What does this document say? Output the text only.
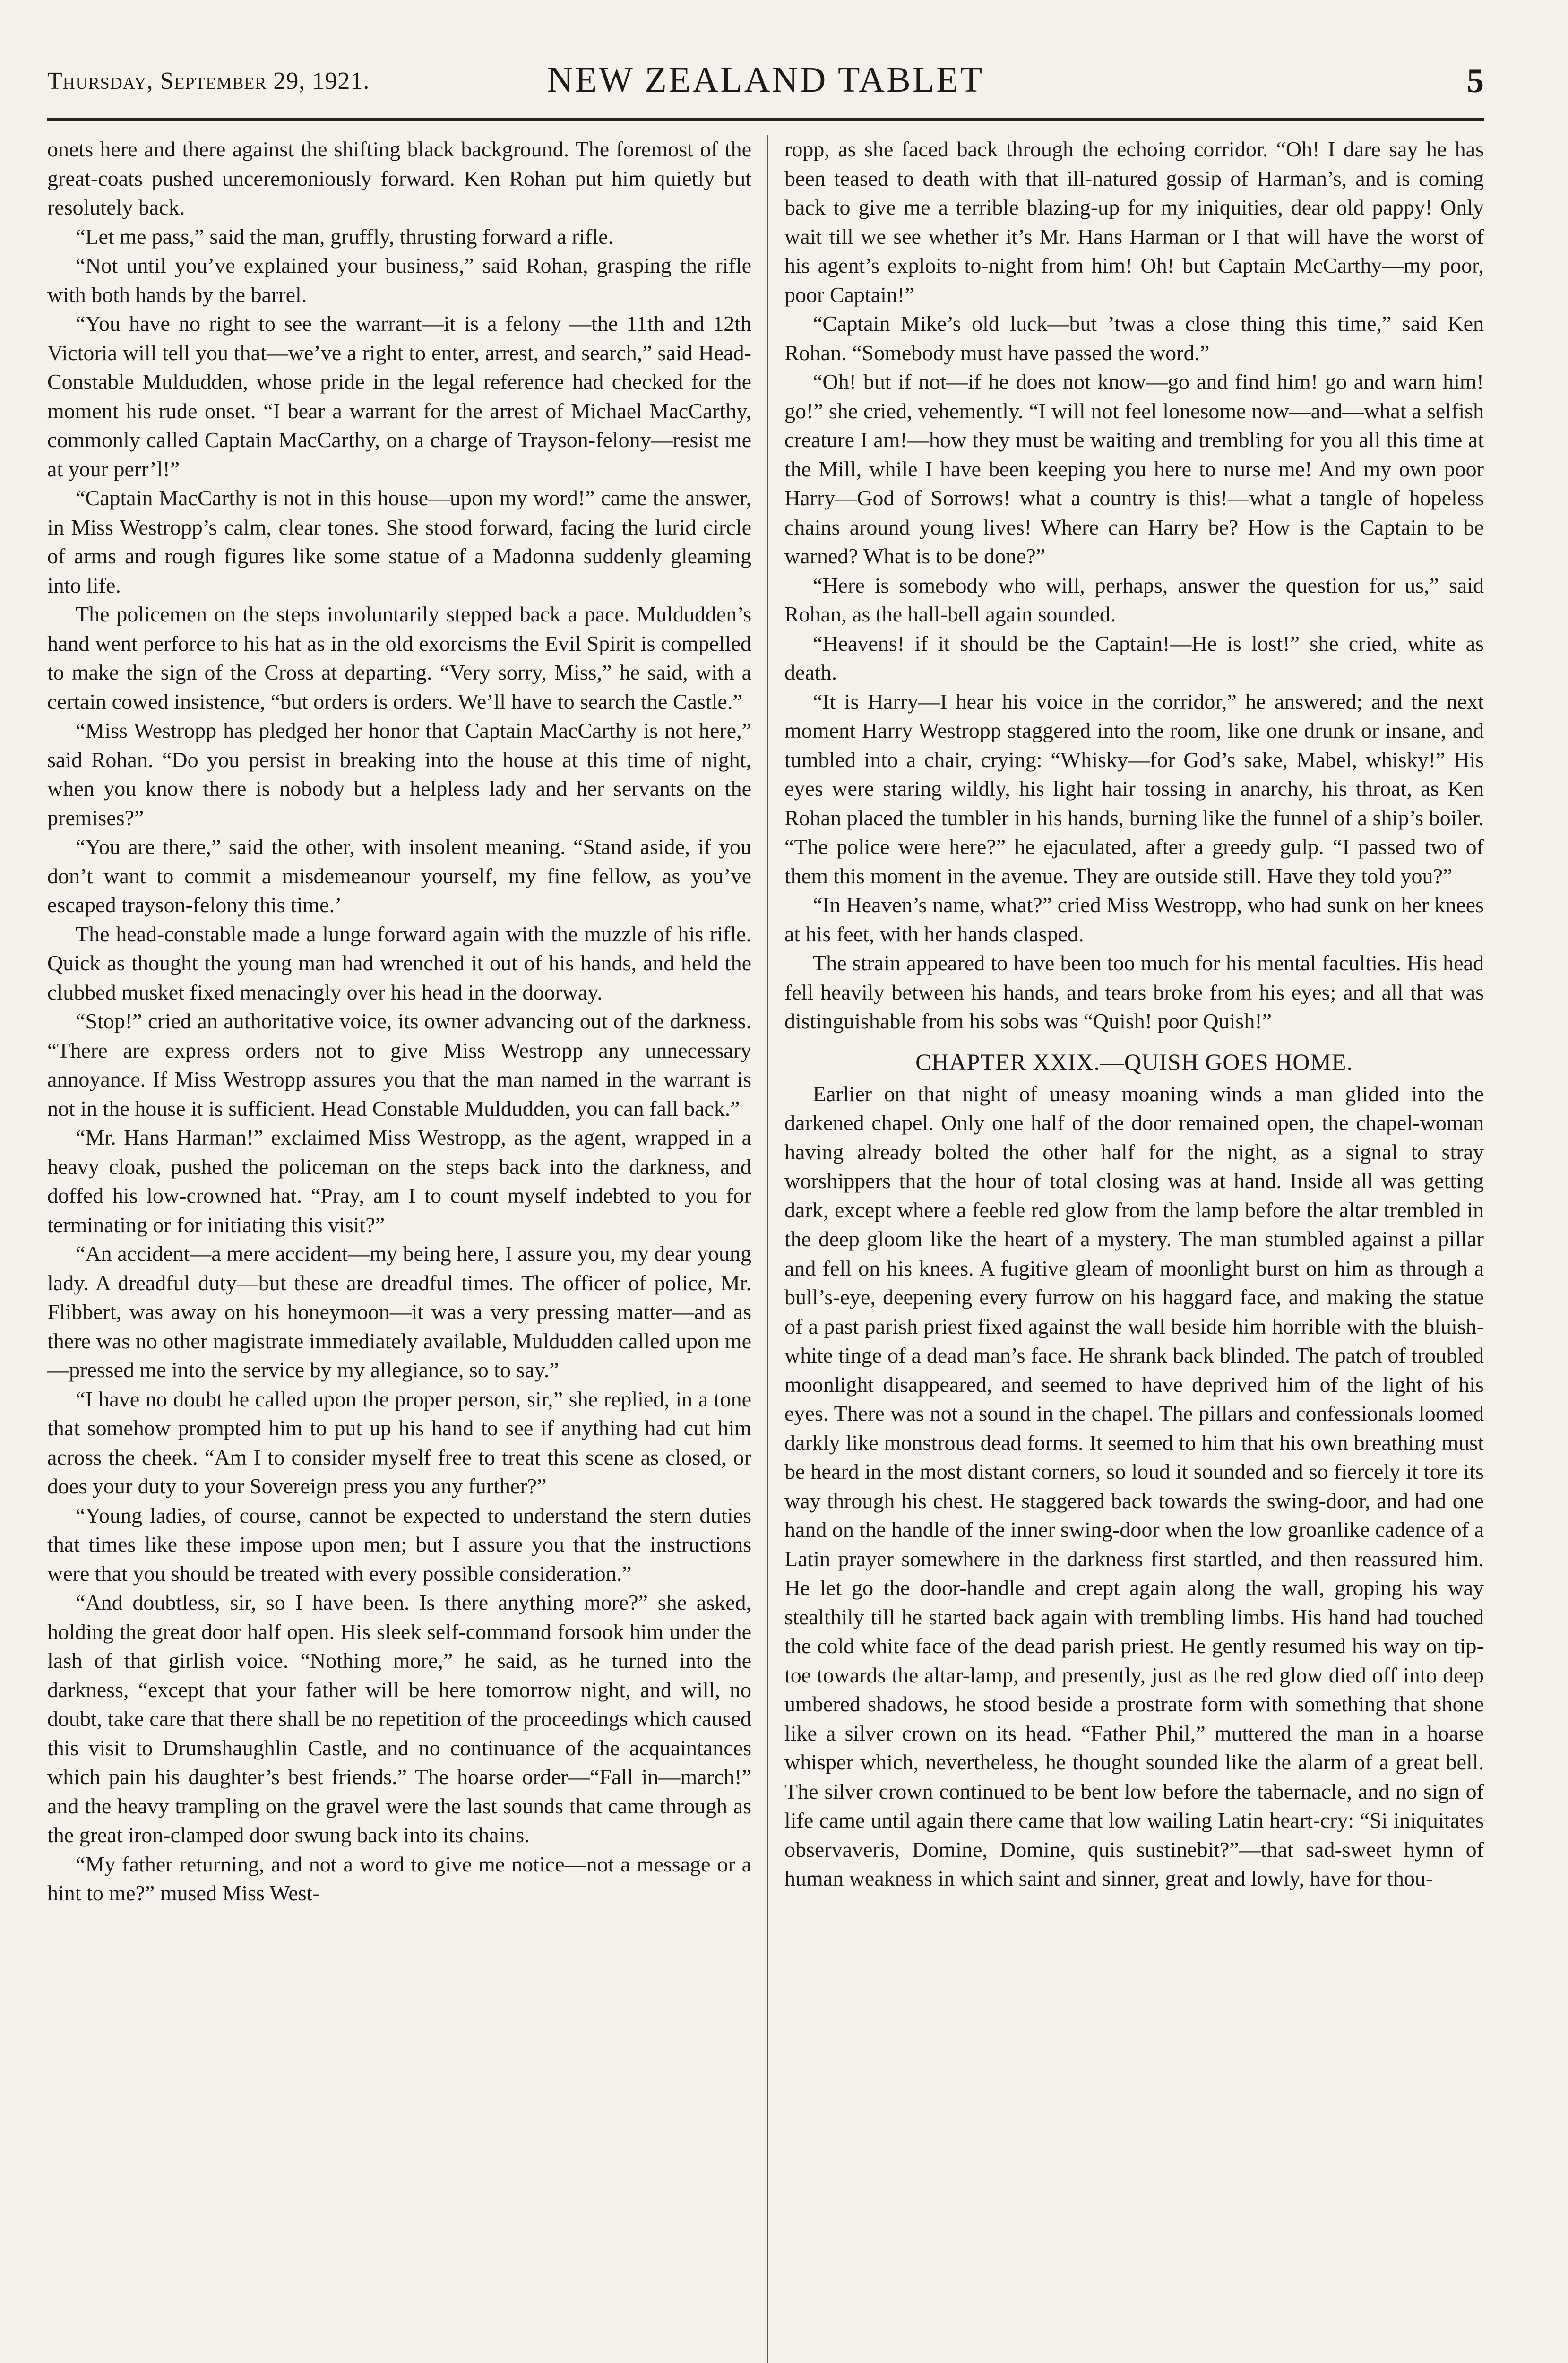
Thursday, September 29, 1921.	NEW ZEALAND TABLET	5

onets here and there against the shifting black background. The foremost of the great-coats pushed unceremoniously forward. Ken Rohan put him quietly but resolutely back.

“Let me pass,” said the man, gruffly, thrusting forward a rifle.

“Not until you’ve explained your business,” said Rohan, grasping the rifle with both hands by the barrel.

“You have no right to see the warrant—it is a felony —the 11th and 12th Victoria will tell you that—we’ve a right to enter, arrest, and search,” said Head-Constable Muldudden, whose pride in the legal reference had checked for the moment his rude onset. “I bear a warrant for the arrest of Michael MacCarthy, commonly called Captain MacCarthy, on a charge of Trayson-felony—resist me at your perr’l!”

“Captain MacCarthy is not in this house—upon my word!” came the answer, in Miss Westropp’s calm, clear tones. She stood forward, facing the lurid circle of arms and rough figures like some statue of a Madonna suddenly gleaming into life.

The policemen on the steps involuntarily stepped back a pace. Muldudden’s hand went perforce to his hat as in the old exorcisms the Evil Spirit is compelled to make the sign of the Cross at departing. “Very sorry, Miss,” he said, with a certain cowed insistence, “but orders is orders. We’ll have to search the Castle.”

“Miss Westropp has pledged her honor that Captain MacCarthy is not here,” said Rohan. “Do you persist in breaking into the house at this time of night, when you know there is nobody but a helpless lady and her servants on the premises?”

“You are there,” said the other, with insolent meaning. “Stand aside, if you don’t want to commit a misdemeanour yourself, my fine fellow, as you’ve escaped trayson-felony this time.’

The head-constable made a lunge forward again with the muzzle of his rifle. Quick as thought the young man had wrenched it out of his hands, and held the clubbed musket fixed menacingly over his head in the doorway.

“Stop!” cried an authoritative voice, its owner advancing out of the darkness. “There are express orders not to give Miss Westropp any unnecessary annoyance. If Miss Westropp assures you that the man named in the warrant is not in the house it is sufficient. Head Constable Muldudden, you can fall back.”

“Mr. Hans Harman!” exclaimed Miss Westropp, as the agent, wrapped in a heavy cloak, pushed the policeman on the steps back into the darkness, and doffed his low-crowned hat. “Pray, am I to count myself indebted to you for terminating or for initiating this visit?”

“An accident—a mere accident—my being here, I assure you, my dear young lady. A dreadful duty—but these are dreadful times. The officer of police, Mr. Flibbert, was away on his honeymoon—it was a very pressing matter—and as there was no other magistrate immediately available, Muldudden called upon me—pressed me into the service by my allegiance, so to say.”

“I have no doubt he called upon the proper person, sir,” she replied, in a tone that somehow prompted him to put up his hand to see if anything had cut him across the cheek. “Am I to consider myself free to treat this scene as closed, or does your duty to your Sovereign press you any further?”

“Young ladies, of course, cannot be expected to understand the stern duties that times like these impose upon men; but I assure you that the instructions were that you should be treated with every possible consideration.”

“And doubtless, sir, so I have been. Is there anything more?” she asked, holding the great door half open. His sleek self-command forsook him under the lash of that girlish voice. “Nothing more,” he said, as he turned into the darkness, “except that your father will be here tomorrow night, and will, no doubt, take care that there shall be no repetition of the proceedings which caused this visit to Drumshaughlin Castle, and no continuance of the acquaintances which pain his daughter’s best friends.” The hoarse order—“Fall in—march!” and the heavy trampling on the gravel were the last sounds that came through as the great iron-clamped door swung back into its chains.

“My father returning, and not a word to give me notice—not a message or a hint to me?” mused Miss West-

ropp, as she faced back through the echoing corridor. “Oh! I dare say he has been teased to death with that ill-natured gossip of Harman’s, and is coming back to give me a terrible blazing-up for my iniquities, dear old pappy! Only wait till we see whether it’s Mr. Hans Harman or I that will have the worst of his agent’s exploits to-night from him! Oh! but Captain McCarthy—my poor, poor Captain!”

“Captain Mike’s old luck—but ’twas a close thing this time,” said Ken Rohan. “Somebody must have passed the word.”

“Oh! but if not—if he does not know—go and find him! go and warn him! go!” she cried, vehemently. “I will not feel lonesome now—and—what a selfish creature I am!—how they must be waiting and trembling for you all this time at the Mill, while I have been keeping you here to nurse me! And my own poor Harry—God of Sorrows! what a country is this!—what a tangle of hopeless chains around young lives! Where can Harry be? How is the Captain to be warned? What is to be done?”

“Here is somebody who will, perhaps, answer the question for us,” said Rohan, as the hall-bell again sounded.

“Heavens! if it should be the Captain!—He is lost!” she cried, white as death.

“It is Harry—I hear his voice in the corridor,” he answered; and the next moment Harry Westropp staggered into the room, like one drunk or insane, and tumbled into a chair, crying: “Whisky—for God’s sake, Mabel, whisky!” His eyes were staring wildly, his light hair tossing in anarchy, his throat, as Ken Rohan placed the tumbler in his hands, burning like the funnel of a ship’s boiler. “The police were here?” he ejaculated, after a greedy gulp. “I passed two of them this moment in the avenue. They are outside still. Have they told you?”

“In Heaven’s name, what?” cried Miss Westropp, who had sunk on her knees at his feet, with her hands clasped.

The strain appeared to have been too much for his mental faculties. His head fell heavily between his hands, and tears broke from his eyes; and all that was distinguishable from his sobs was “Quish! poor Quish!”

CHAPTER XXIX.—QUISH GOES HOME.

Earlier on that night of uneasy moaning winds a man glided into the darkened chapel. Only one half of the door remained open, the chapel-woman having already bolted the other half for the night, as a signal to stray worshippers that the hour of total closing was at hand. Inside all was getting dark, except where a feeble red glow from the lamp before the altar trembled in the deep gloom like the heart of a mystery. The man stumbled against a pillar and fell on his knees. A fugitive gleam of moonlight burst on him as through a bull’s-eye, deepening every furrow on his haggard face, and making the statue of a past parish priest fixed against the wall beside him horrible with the bluish-white tinge of a dead man’s face. He shrank back blinded. The patch of troubled moonlight disappeared, and seemed to have deprived him of the light of his eyes. There was not a sound in the chapel. The pillars and confessionals loomed darkly like monstrous dead forms. It seemed to him that his own breathing must be heard in the most distant corners, so loud it sounded and so fiercely it tore its way through his chest. He staggered back towards the swing-door, and had one hand on the handle of the inner swing-door when the low groanlike cadence of a Latin prayer somewhere in the darkness first startled, and then reassured him. He let go the door-handle and crept again along the wall, groping his way stealthily till he started back again with trembling limbs. His hand had touched the cold white face of the dead parish priest. He gently resumed his way on tip-toe towards the altar-lamp, and presently, just as the red glow died off into deep umbered shadows, he stood beside a prostrate form with something that shone like a silver crown on its head. “Father Phil,” muttered the man in a hoarse whisper which, nevertheless, he thought sounded like the alarm of a great bell. The silver crown continued to be bent low before the tabernacle, and no sign of life came until again there came that low wailing Latin heart-cry: “Si iniquitates observaveris, Domine, Domine, quis sustinebit?”—that sad-sweet hymn of human weakness in which saint and sinner, great and lowly, have for thou-
